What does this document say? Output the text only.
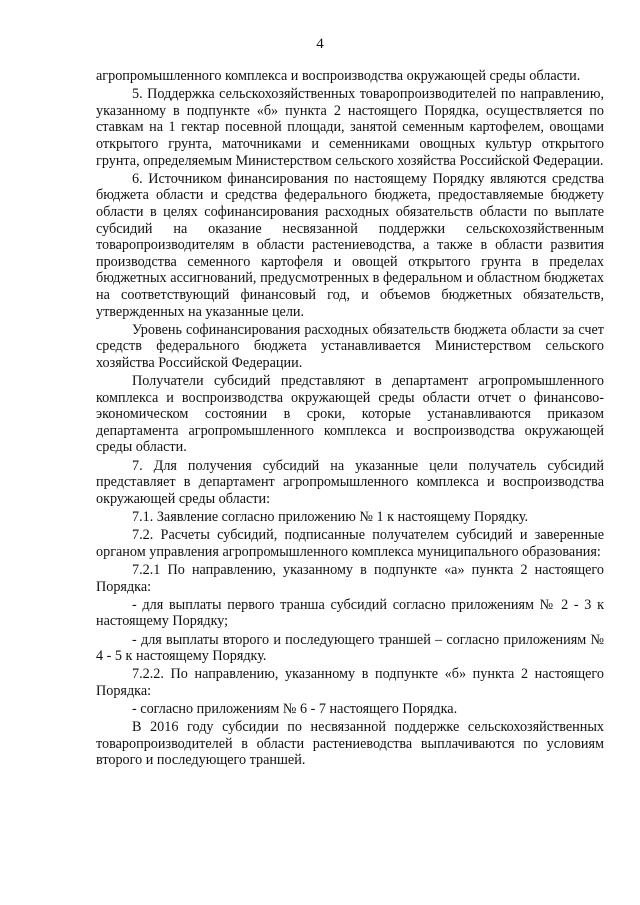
4

агропромышленного комплекса и воспроизводства окружающей среды области.

5. Поддержка сельскохозяйственных товаропроизводителей по направлению, указанному в подпункте «б» пункта 2 настоящего Порядка, осуществляется по ставкам на 1 гектар посевной площади, занятой семенным картофелем, овощами открытого грунта, маточниками и семенниками овощных культур открытого грунта, определяемым Министерством сельского хозяйства Российской Федерации.

6. Источником финансирования по настоящему Порядку являются средства бюджета области и средства федерального бюджета, предоставляемые бюджету области в целях софинансирования расходных обязательств области по выплате субсидий на оказание несвязанной поддержки сельскохозяйственным товаропроизводителям в области растениеводства, а также в области развития производства семенного картофеля и овощей открытого грунта в пределах бюджетных ассигнований, предусмотренных в федеральном и областном бюджетах на соответствующий финансовый год, и объемов бюджетных обязательств, утвержденных на указанные цели.

Уровень софинансирования расходных обязательств бюджета области за счет средств федерального бюджета устанавливается Министерством сельского хозяйства Российской Федерации.

Получатели субсидий представляют в департамент агропромышленного комплекса и воспроизводства окружающей среды области отчет о финансово-экономическом состоянии в сроки, которые устанавливаются приказом департамента агропромышленного комплекса и воспроизводства окружающей среды области.

7. Для получения субсидий на указанные цели получатель субсидий представляет в департамент агропромышленного комплекса и воспроизводства окружающей среды области:

7.1. Заявление согласно приложению № 1 к настоящему Порядку.

7.2. Расчеты субсидий, подписанные получателем субсидий и заверенные органом управления агропромышленного комплекса муниципального образования:

7.2.1 По направлению, указанному в подпункте «а» пункта 2 настоящего Порядка:

- для выплаты первого транша субсидий согласно приложениям № 2 - 3 к настоящему Порядку;

- для выплаты второго и последующего траншей – согласно приложениям № 4 - 5 к настоящему Порядку.

7.2.2. По направлению, указанному в подпункте «б» пункта 2 настоящего Порядка:

- согласно приложениям № 6 - 7 настоящего Порядка.

В 2016 году субсидии по несвязанной поддержке сельскохозяйственных товаропроизводителей в области растениеводства выплачиваются по условиям второго и последующего траншей.
